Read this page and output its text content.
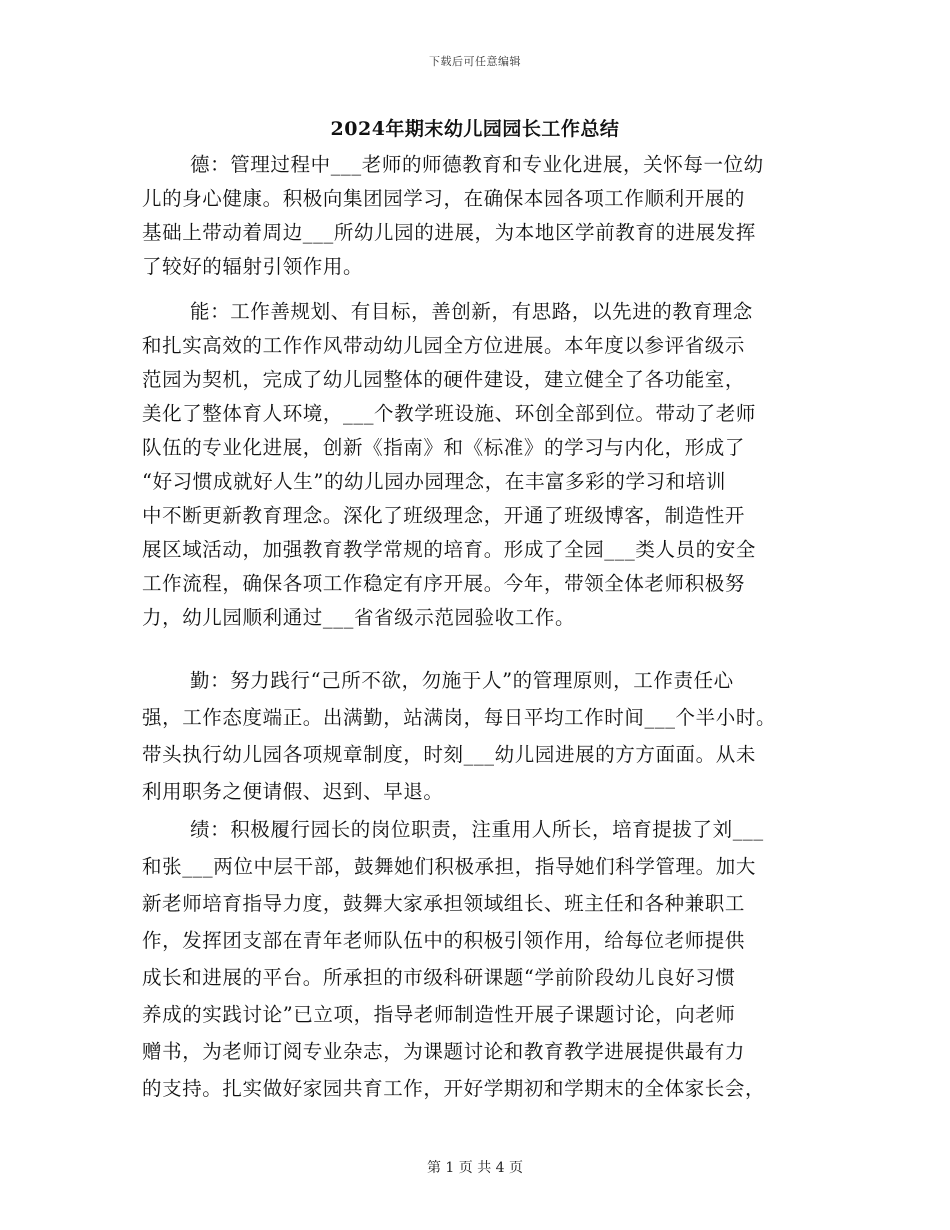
下载后可任意编辑
2024年期末幼儿园园长工作总结
德：管理过程中___老师的师德教育和专业化进展，关怀每一位幼
儿的身心健康。积极向集团园学习，在确保本园各项工作顺利开展的
基础上带动着周边___所幼儿园的进展，为本地区学前教育的进展发挥
了较好的辐射引领作用。
能：工作善规划、有目标，善创新，有思路，以先进的教育理念
和扎实高效的工作作风带动幼儿园全方位进展。本年度以参评省级示
范园为契机，完成了幼儿园整体的硬件建设，建立健全了各功能室，
美化了整体育人环境，___个教学班设施、环创全部到位。带动了老师
队伍的专业化进展，创新《指南》和《标准》的学习与内化，形成了
“好习惯成就好人生”的幼儿园办园理念，在丰富多彩的学习和培训
中不断更新教育理念。深化了班级理念，开通了班级博客，制造性开
展区域活动，加强教育教学常规的培育。形成了全园___类人员的安全
工作流程，确保各项工作稳定有序开展。今年，带领全体老师积极努
力，幼儿园顺利通过___省省级示范园验收工作。
勤：努力践行“己所不欲，勿施于人”的管理原则，工作责任心
强，工作态度端正。出满勤，站满岗，每日平均工作时间___个半小时。
带头执行幼儿园各项规章制度，时刻___幼儿园进展的方方面面。从未
利用职务之便请假、迟到、早退。
绩：积极履行园长的岗位职责，注重用人所长，培育提拔了刘___
和张___两位中层干部，鼓舞她们积极承担，指导她们科学管理。加大
新老师培育指导力度，鼓舞大家承担领域组长、班主任和各种兼职工
作，发挥团支部在青年老师队伍中的积极引领作用，给每位老师提供
成长和进展的平台。所承担的市级科研课题“学前阶段幼儿良好习惯
养成的实践讨论”已立项，指导老师制造性开展子课题讨论，向老师
赠书，为老师订阅专业杂志，为课题讨论和教育教学进展提供最有力
的支持。扎实做好家园共育工作，开好学期初和学期末的全体家长会，
第 1 页 共 4 页
